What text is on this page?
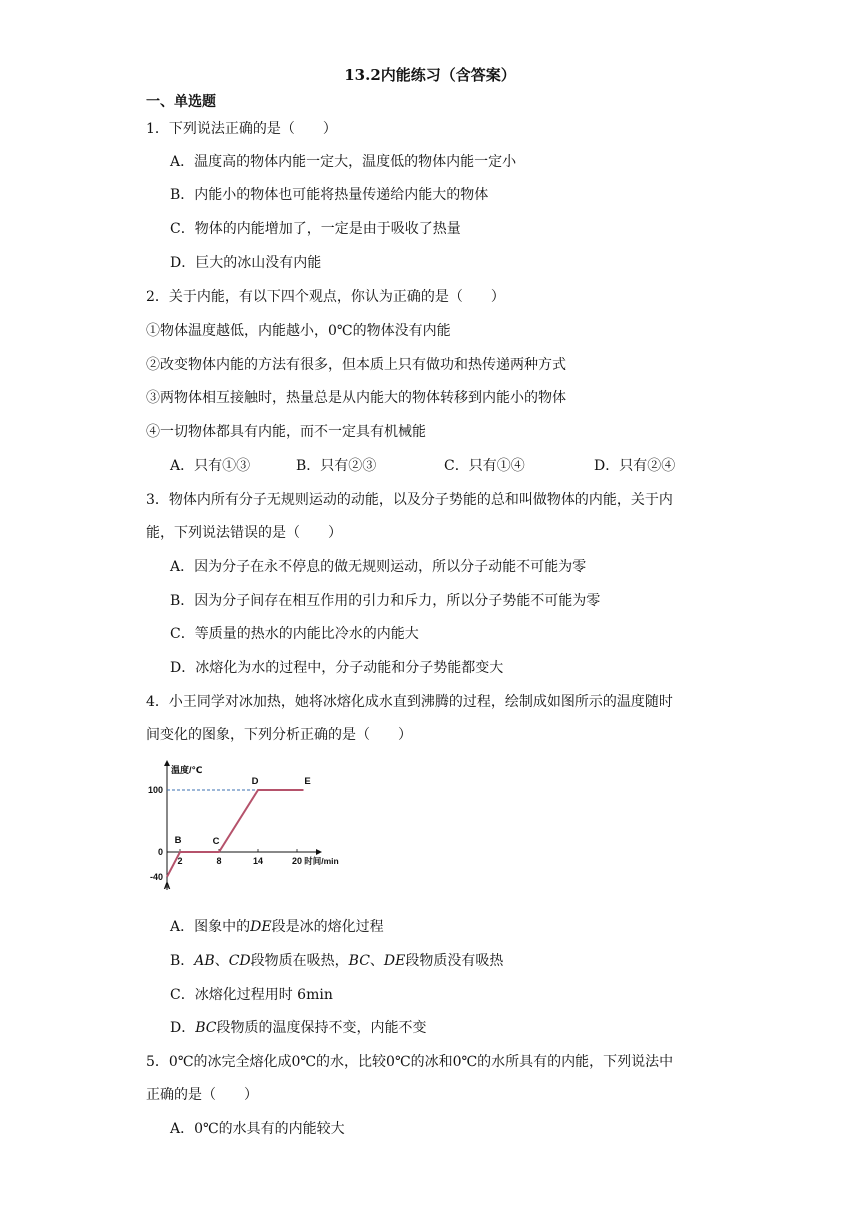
13.2内能练习（含答案）
一、单选题
1．下列说法正确的是（　　）
A．温度高的物体内能一定大，温度低的物体内能一定小
B．内能小的物体也可能将热量传递给内能大的物体
C．物体的内能增加了，一定是由于吸收了热量
D．巨大的冰山没有内能
2．关于内能，有以下四个观点，你认为正确的是（　　）
①物体温度越低，内能越小，0℃的物体没有内能
②改变物体内能的方法有很多，但本质上只有做功和热传递两种方式
③两物体相互接触时，热量总是从内能大的物体转移到内能小的物体
④一切物体都具有内能，而不一定具有机械能
A．只有①③	B．只有②③	C．只有①④	D．只有②④
3．物体内所有分子无规则运动的动能，以及分子势能的总和叫做物体的内能，关于内
能，下列说法错误的是（　　）
A．因为分子在永不停息的做无规则运动，所以分子动能不可能为零
B．因为分子间存在相互作用的引力和斥力，所以分子势能不可能为零
C．等质量的热水的内能比冷水的内能大
D．冰熔化为水的过程中，分子动能和分子势能都变大
4．小王同学对冰加热，她将冰熔化成水直到沸腾的过程，绘制成如图所示的温度随时
间变化的图象，下列分析正确的是（　　）
温度/℃
时间/min
100
0
-40
2	8	14	20
A
B	C
D	E
A．图象中的DE段是冰的熔化过程
B．AB、CD段物质在吸热，BC、DE段物质没有吸热
C．冰熔化过程用时 6min
D．BC段物质的温度保持不变，内能不变
5．0℃的冰完全熔化成0℃的水，比较0℃的冰和0℃的水所具有的内能，下列说法中
正确的是（　　）
A．0℃的水具有的内能较大
